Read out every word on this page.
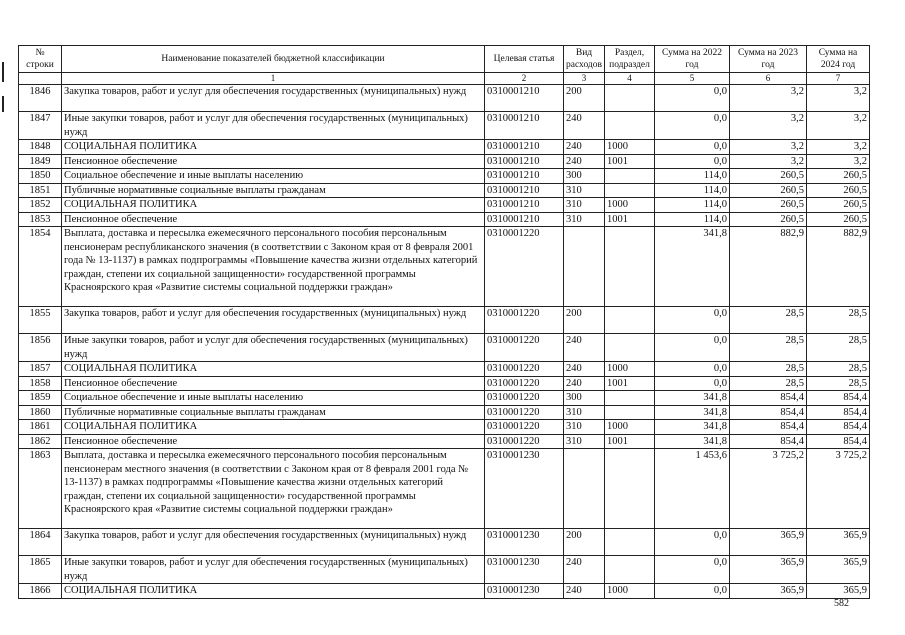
№ строки	Наименование показателей бюджетной классификации	Целевая статья	Вид расходов	Раздел, подраздел	Сумма на 2022 год	Сумма на 2023 год	Сумма на 2024 год
	1	2	3	4	5	6	7
1846	Закупка товаров, работ и услуг для обеспечения государственных (муниципальных) нужд	0310001210	200		0,0	3,2	3,2
1847	Иные закупки товаров, работ и услуг для обеспечения государственных (муниципальных) нужд	0310001210	240		0,0	3,2	3,2
1848	СОЦИАЛЬНАЯ ПОЛИТИКА	0310001210	240	1000	0,0	3,2	3,2
1849	Пенсионное обеспечение	0310001210	240	1001	0,0	3,2	3,2
1850	Социальное обеспечение и иные выплаты населению	0310001210	300		114,0	260,5	260,5
1851	Публичные нормативные социальные выплаты гражданам	0310001210	310		114,0	260,5	260,5
1852	СОЦИАЛЬНАЯ ПОЛИТИКА	0310001210	310	1000	114,0	260,5	260,5
1853	Пенсионное обеспечение	0310001210	310	1001	114,0	260,5	260,5
1854	Выплата, доставка и пересылка ежемесячного персонального пособия персональным пенсионерам республиканского значения (в соответствии с Законом края от 8 февраля 2001 года № 13-1137) в рамках подпрограммы «Повышение качества жизни отдельных категорий граждан, степени их социальной защищенности» государственной программы Красноярского края «Развитие системы социальной поддержки граждан»	0310001220			341,8	882,9	882,9
1855	Закупка товаров, работ и услуг для обеспечения государственных (муниципальных) нужд	0310001220	200		0,0	28,5	28,5
1856	Иные закупки товаров, работ и услуг для обеспечения государственных (муниципальных) нужд	0310001220	240		0,0	28,5	28,5
1857	СОЦИАЛЬНАЯ ПОЛИТИКА	0310001220	240	1000	0,0	28,5	28,5
1858	Пенсионное обеспечение	0310001220	240	1001	0,0	28,5	28,5
1859	Социальное обеспечение и иные выплаты населению	0310001220	300		341,8	854,4	854,4
1860	Публичные нормативные социальные выплаты гражданам	0310001220	310		341,8	854,4	854,4
1861	СОЦИАЛЬНАЯ ПОЛИТИКА	0310001220	310	1000	341,8	854,4	854,4
1862	Пенсионное обеспечение	0310001220	310	1001	341,8	854,4	854,4
1863	Выплата, доставка и пересылка ежемесячного персонального пособия персональным пенсионерам местного значения (в соответствии с Законом края от 8 февраля 2001 года № 13-1137) в рамках подпрограммы «Повышение качества жизни отдельных категорий граждан, степени их социальной защищенности» государственной программы Красноярского края «Развитие системы социальной поддержки граждан»	0310001230			1 453,6	3 725,2	3 725,2
1864	Закупка товаров, работ и услуг для обеспечения государственных (муниципальных) нужд	0310001230	200		0,0	365,9	365,9
1865	Иные закупки товаров, работ и услуг для обеспечения государственных (муниципальных) нужд	0310001230	240		0,0	365,9	365,9
1866	СОЦИАЛЬНАЯ ПОЛИТИКА	0310001230	240	1000	0,0	365,9	365,9
582
